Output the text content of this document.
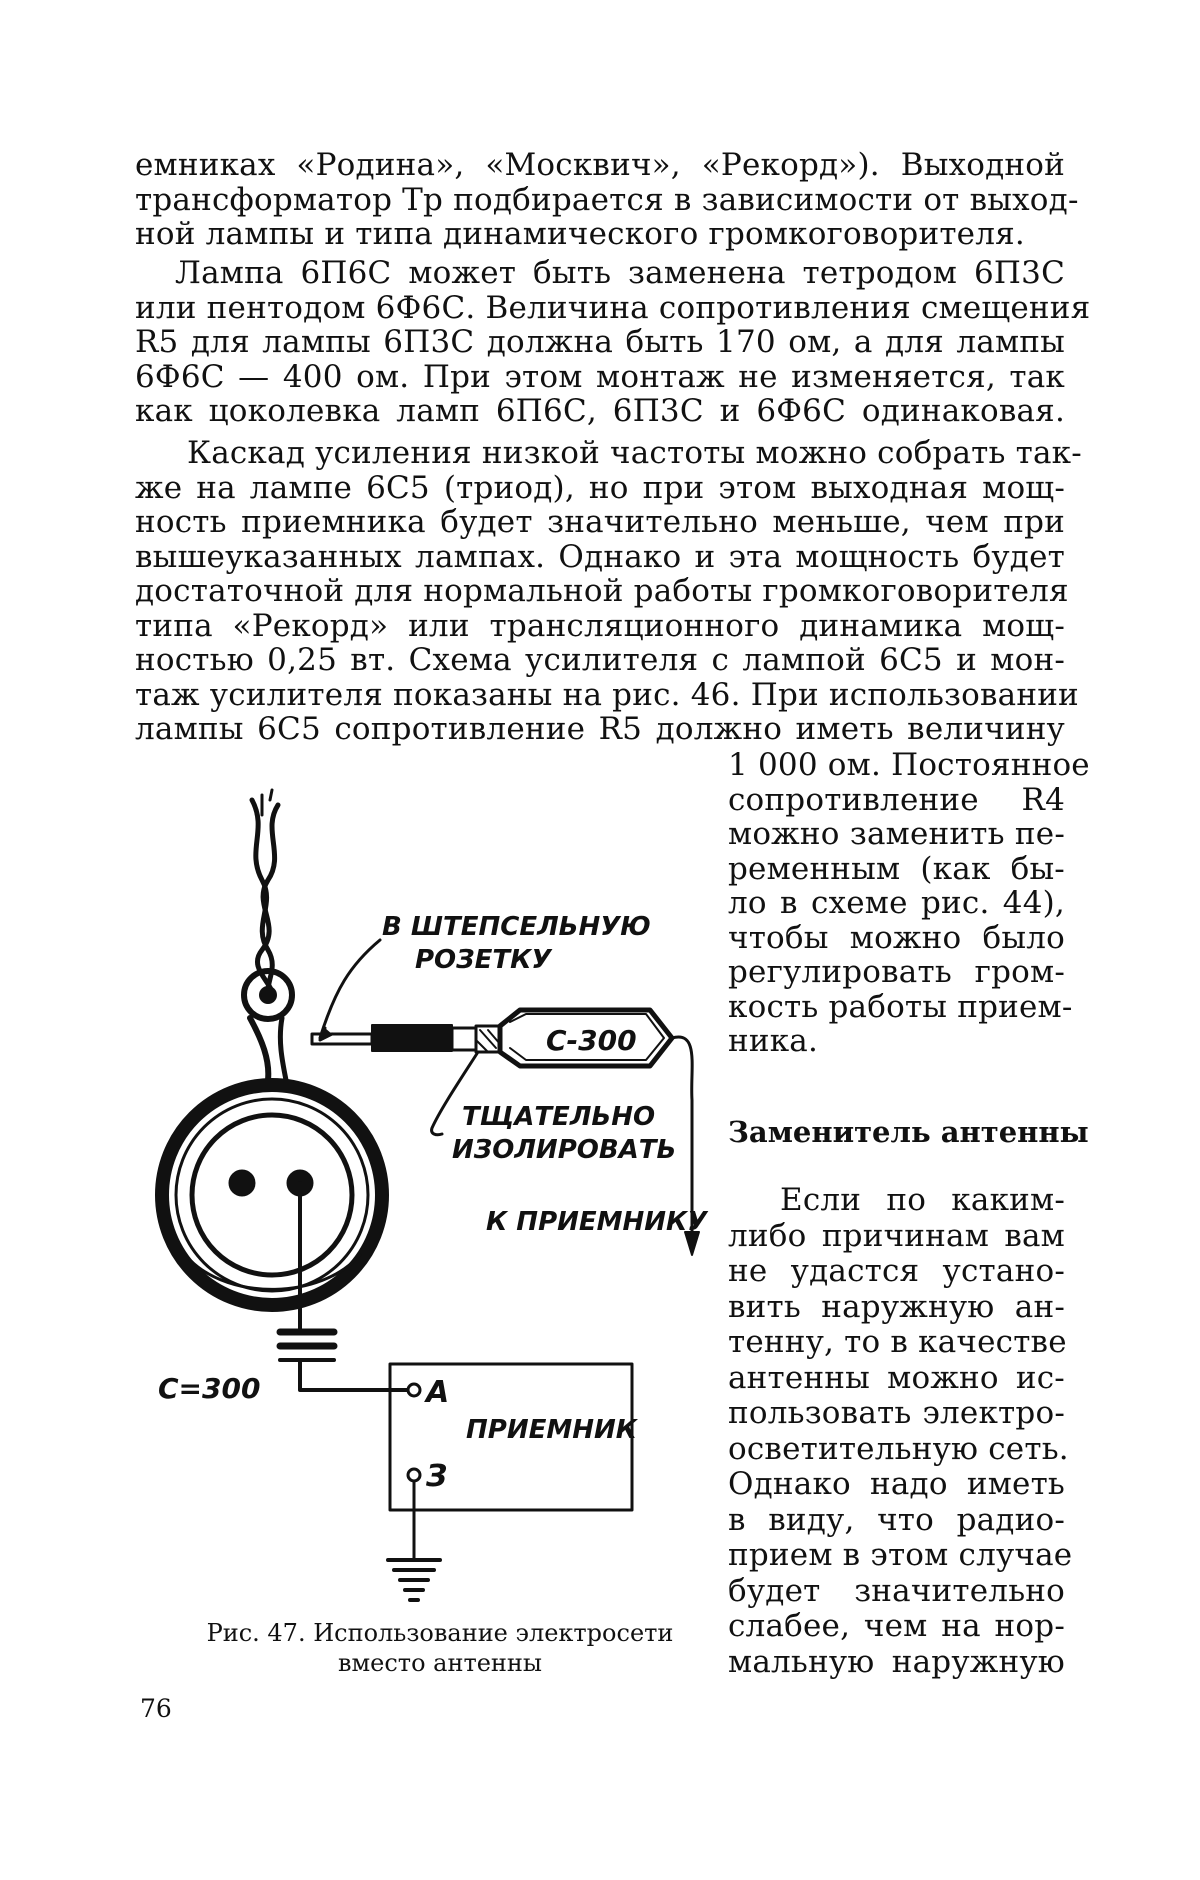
емниках «Родина», «Москвич», «Рекорд»). Выходной
трансформатор Тр подбирается в зависимости от выход-
ной лампы и типа динамического громкоговорителя.
Лампа 6П6С может быть заменена тетродом 6П3С
или пентодом 6Ф6С. Величина сопротивления смещения
R5 для лампы 6П3С должна быть 170 ом, а для лампы
6Ф6С — 400 ом. При этом монтаж не изменяется, так
как цоколевка ламп 6П6С, 6П3С и 6Ф6С одинаковая.
Каскад усиления низкой частоты можно собрать так-
же на лампе 6С5 (триод), но при этом выходная мощ-
ность приемника будет значительно меньше, чем при
вышеуказанных лампах. Однако и эта мощность будет
достаточной для нормальной работы громкоговорителя
типа «Рекорд» или трансляционного динамика мощ-
ностью 0,25 вт. Схема усилителя с лампой 6С5 и мон-
таж усилителя показаны на рис. 46. При использовании
лампы 6С5 сопротивление R5 должно иметь величину
1 000 ом. Постоянное
сопротивление R4
можно заменить пе-
ременным (как бы-
ло в схеме рис. 44),
чтобы можно было
регулировать гром-
кость работы прием-
ника.
Заменитель антенны
Если по каким-
либо причинам вам
не удастся устано-
вить наружную ан-
тенну, то в качестве
антенны можно ис-
пользовать электро-
осветительную сеть.
Однако надо иметь
в виду, что радио-
прием в этом случае
будет значительно
слабее, чем на нор-
мальную наружную
В ШТЕПСЕЛЬНУЮ
РОЗЕТКУ
С-300
ТЩАТЕЛЬНО
ИЗОЛИРОВАТЬ
К ПРИЕМНИКУ
С=300	А
ПРИЕМНИК
З
Рис. 47. Использование электросети
вместо антенны
76
